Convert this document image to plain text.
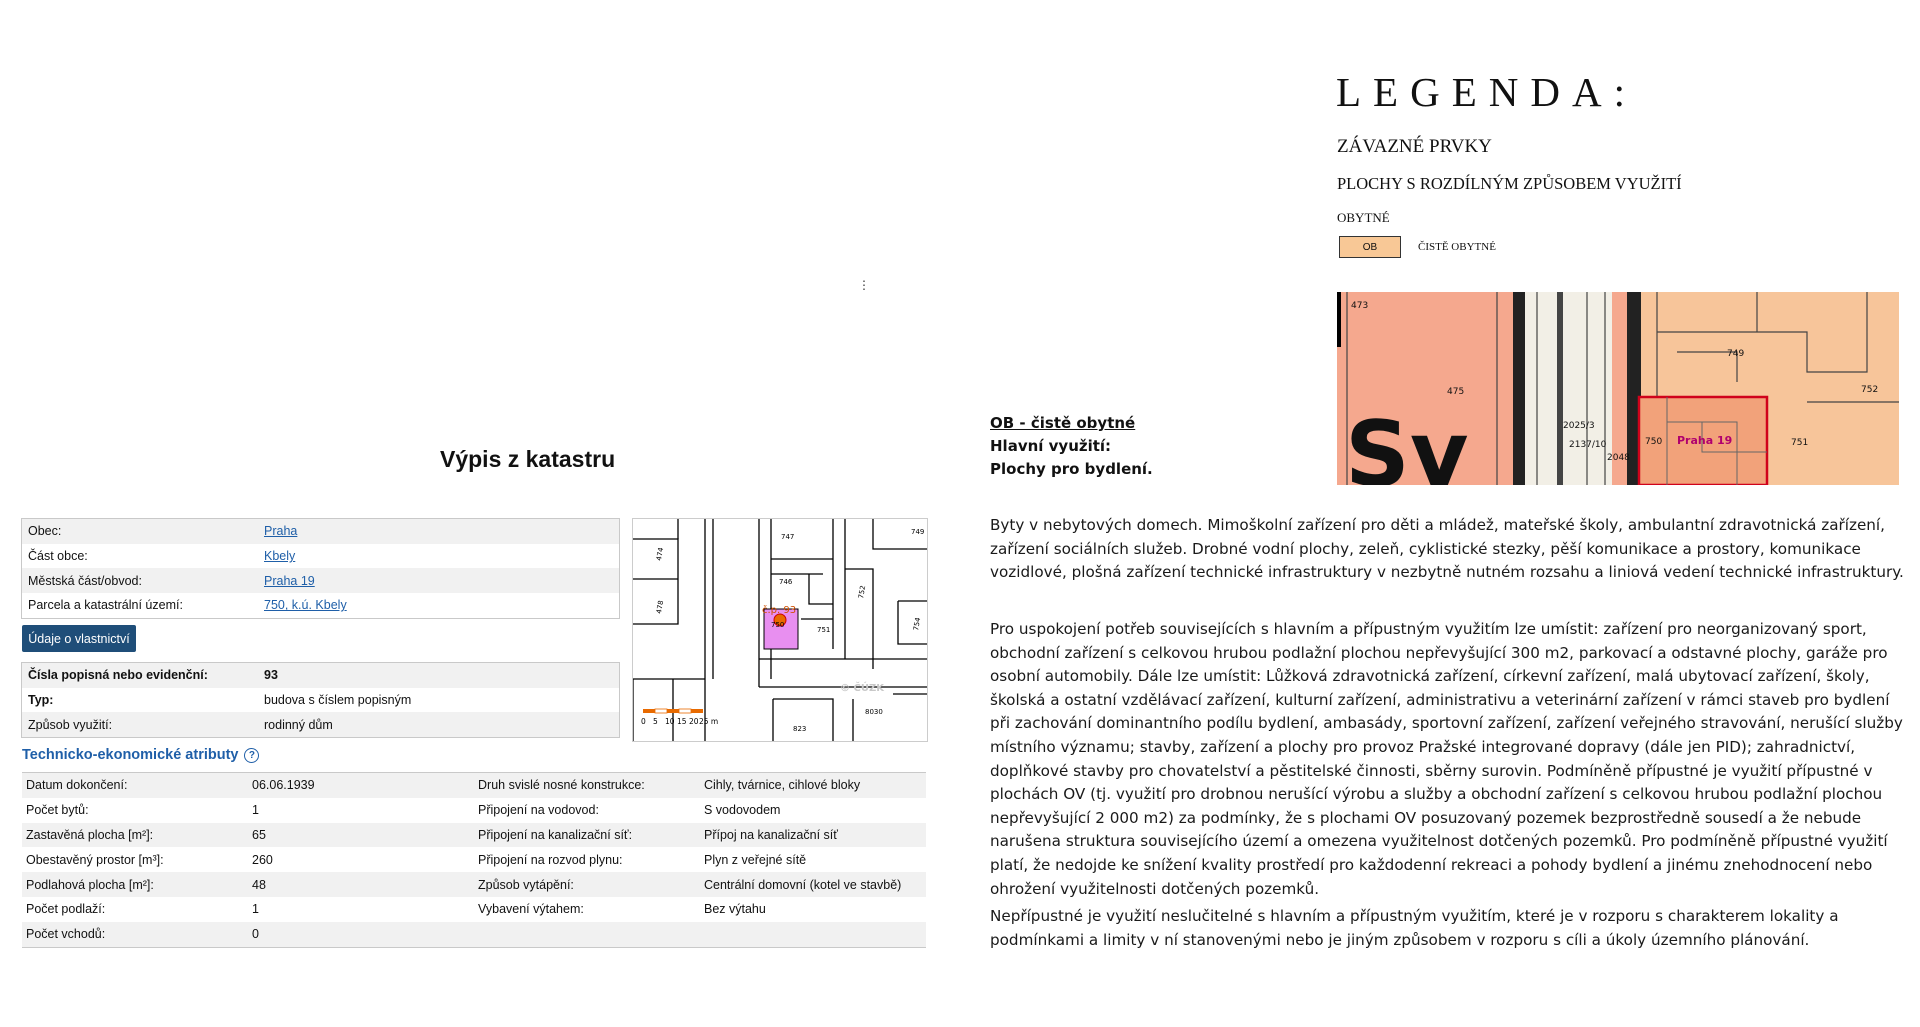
⋮
Výpis z katastru
Obec:	Praha
Část obce:	Kbely
Městská část/obvod:	Praha 19
Parcela a katastrální území:	750, k.ú. Kbely
Údaje o vlastnictví
Čísla popisná nebo evidenční:	93
Typ:	budova s číslem popisným
Způsob využití:	rodinný dům
č.p. 93
747
474
478
746
749
752
751
750	754
823
8030
© ČÚZK
0 5 10 15 20 25 m
Technicko-ekonomické atributy	?
Datum dokončení:	06.06.1939	Druh svislé nosné konstrukce:	Cihly, tvárnice, cihlové bloky
Počet bytů:	1	Připojení na vodovod:	S vodovodem
Zastavěná plocha [m²]:	65	Připojení na kanalizační síť:	Přípoj na kanalizační síť
Obestavěný prostor [m³]:	260	Připojení na rozvod plynu:	Plyn z veřejné sítě
Podlahová plocha [m²]:	48	Způsob vytápění:	Centrální domovní (kotel ve stavbě)
Počet podlaží:	1	Vybavení výtahem:	Bez výtahu
Počet vchodů:	0
LEGENDA:
ZÁVAZNÉ PRVKY
PLOCHY S ROZDÍLNÝM ZPŮSOBEM VYUŽITÍ
OBYTNÉ
OB	ČISTĚ OBYTNÉ
Sv
473
475
749
752
751
2025/3
2137/10
2048
750 Praha 19
OB - čistě obytné
Hlavní využití:
Plochy pro bydlení.
Byty v nebytových domech. Mimoškolní zařízení pro děti a mládež, mateřské školy, ambulantní zdravotnická zařízení, zařízení sociálních služeb. Drobné vodní plochy, zeleň, cyklistické stezky, pěší komunikace a prostory, komunikace vozidlové, plošná zařízení technické infrastruktury v nezbytně nutném rozsahu a liniová vedení technické infrastruktury.
Pro uspokojení potřeb souvisejících s hlavním a přípustným využitím lze umístit: zařízení pro neorganizovaný sport, obchodní zařízení s celkovou hrubou podlažní plochou nepřevyšující 300 m2, parkovací a odstavné plochy, garáže pro osobní automobily. Dále lze umístit: Lůžková zdravotnická zařízení, církevní zařízení, malá ubytovací zařízení, školy, školská a ostatní vzdělávací zařízení, kulturní zařízení, administrativu a veterinární zařízení v rámci staveb pro bydlení při zachování dominantního podílu bydlení, ambasády, sportovní zařízení, zařízení veřejného stravování, nerušící služby místního významu; stavby, zařízení a plochy pro provoz Pražské integrované dopravy (dále jen PID); zahradnictví, doplňkové stavby pro chovatelství a pěstitelské činnosti, sběrny surovin. Podmíněně přípustné je využití přípustné v plochách OV (tj. využití pro drobnou nerušící výrobu a služby a obchodní zařízení s celkovou hrubou podlažní plochou nepřevyšující 2 000 m2) za podmínky, že s plochami OV posuzovaný pozemek bezprostředně sousedí a že nebude narušena struktura souvisejícího území a omezena využitelnost dotčených pozemků. Pro podmíněně přípustné využití platí, že nedojde ke snížení kvality prostředí pro každodenní rekreaci a pohody bydlení a jinému znehodnocení nebo ohrožení využitelnosti dotčených pozemků.
Nepřípustné je využití neslučitelné s hlavním a přípustným využitím, které je v rozporu s charakterem lokality a podmínkami a limity v ní stanovenými nebo je jiným způsobem v rozporu s cíli a úkoly územního plánování.
